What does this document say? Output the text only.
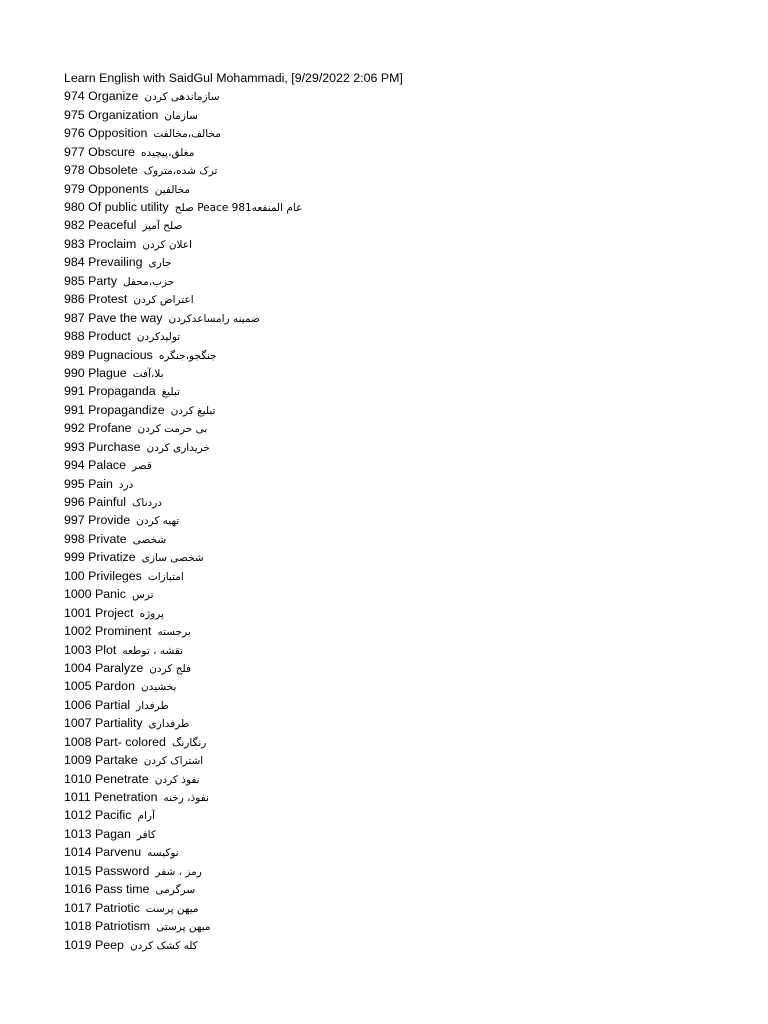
Learn English with SaidGul Mohammadi, [9/29/2022 2:06 PM]
974 Organize سازماندهی کردن
975 Organization سازمان
976 Opposition مخالف،مخالفت
977 Obscure مغلق،پیچیده
978 Obsolete ترک شده،متروک
979 Opponents مخالفین
980 Of public utility عام المنفعه981 Peace صلح
982 Peaceful صلح آمیز
983 Proclaim اعلان کردن
984 Prevailing جاری
985 Party حزب،محفل
986 Protest اعتراض کردن
987 Pave the way ضمینه رامساعدکردن
988 Product تولیدکردن
989 Pugnacious جنگجو،جنگره
990 Plague بلا،آفت
991 Propaganda تبلیغ
991 Propagandize تبلیغ کردن
992 Profane بی حرمت کردن
993 Purchase خریداری کردن
994 Palace قصر
995 Pain درد
996 Painful دردناک
997 Provide تهیه کردن
998 Private شخصی
999 Privatize شخصی سازی
100 Privileges امتیازات
1000 Panic ترس
1001 Project پروژه
1002 Prominent برجسته
1003 Plot نقشه ، توطعه
1004 Paralyze فلج کردن
1005 Pardon بخشیدن
1006 Partial طرفدار
1007 Partiality طرفداری
1008 Part- colored رنگارنگ
1009 Partake اشتراک کردن
1010 Penetrate نفوذ کردن
1011 Penetration نفوذ، رخنه
1012 Pacific آرام
1013 Pagan کافر
1014 Parvenu نوکیسه
1015 Password رمز ، شفر
1016 Pass time سرگرمی
1017 Patriotic میهن پرست
1018 Patriotism میهن پرستی
1019 Peep کله کشک کردن
